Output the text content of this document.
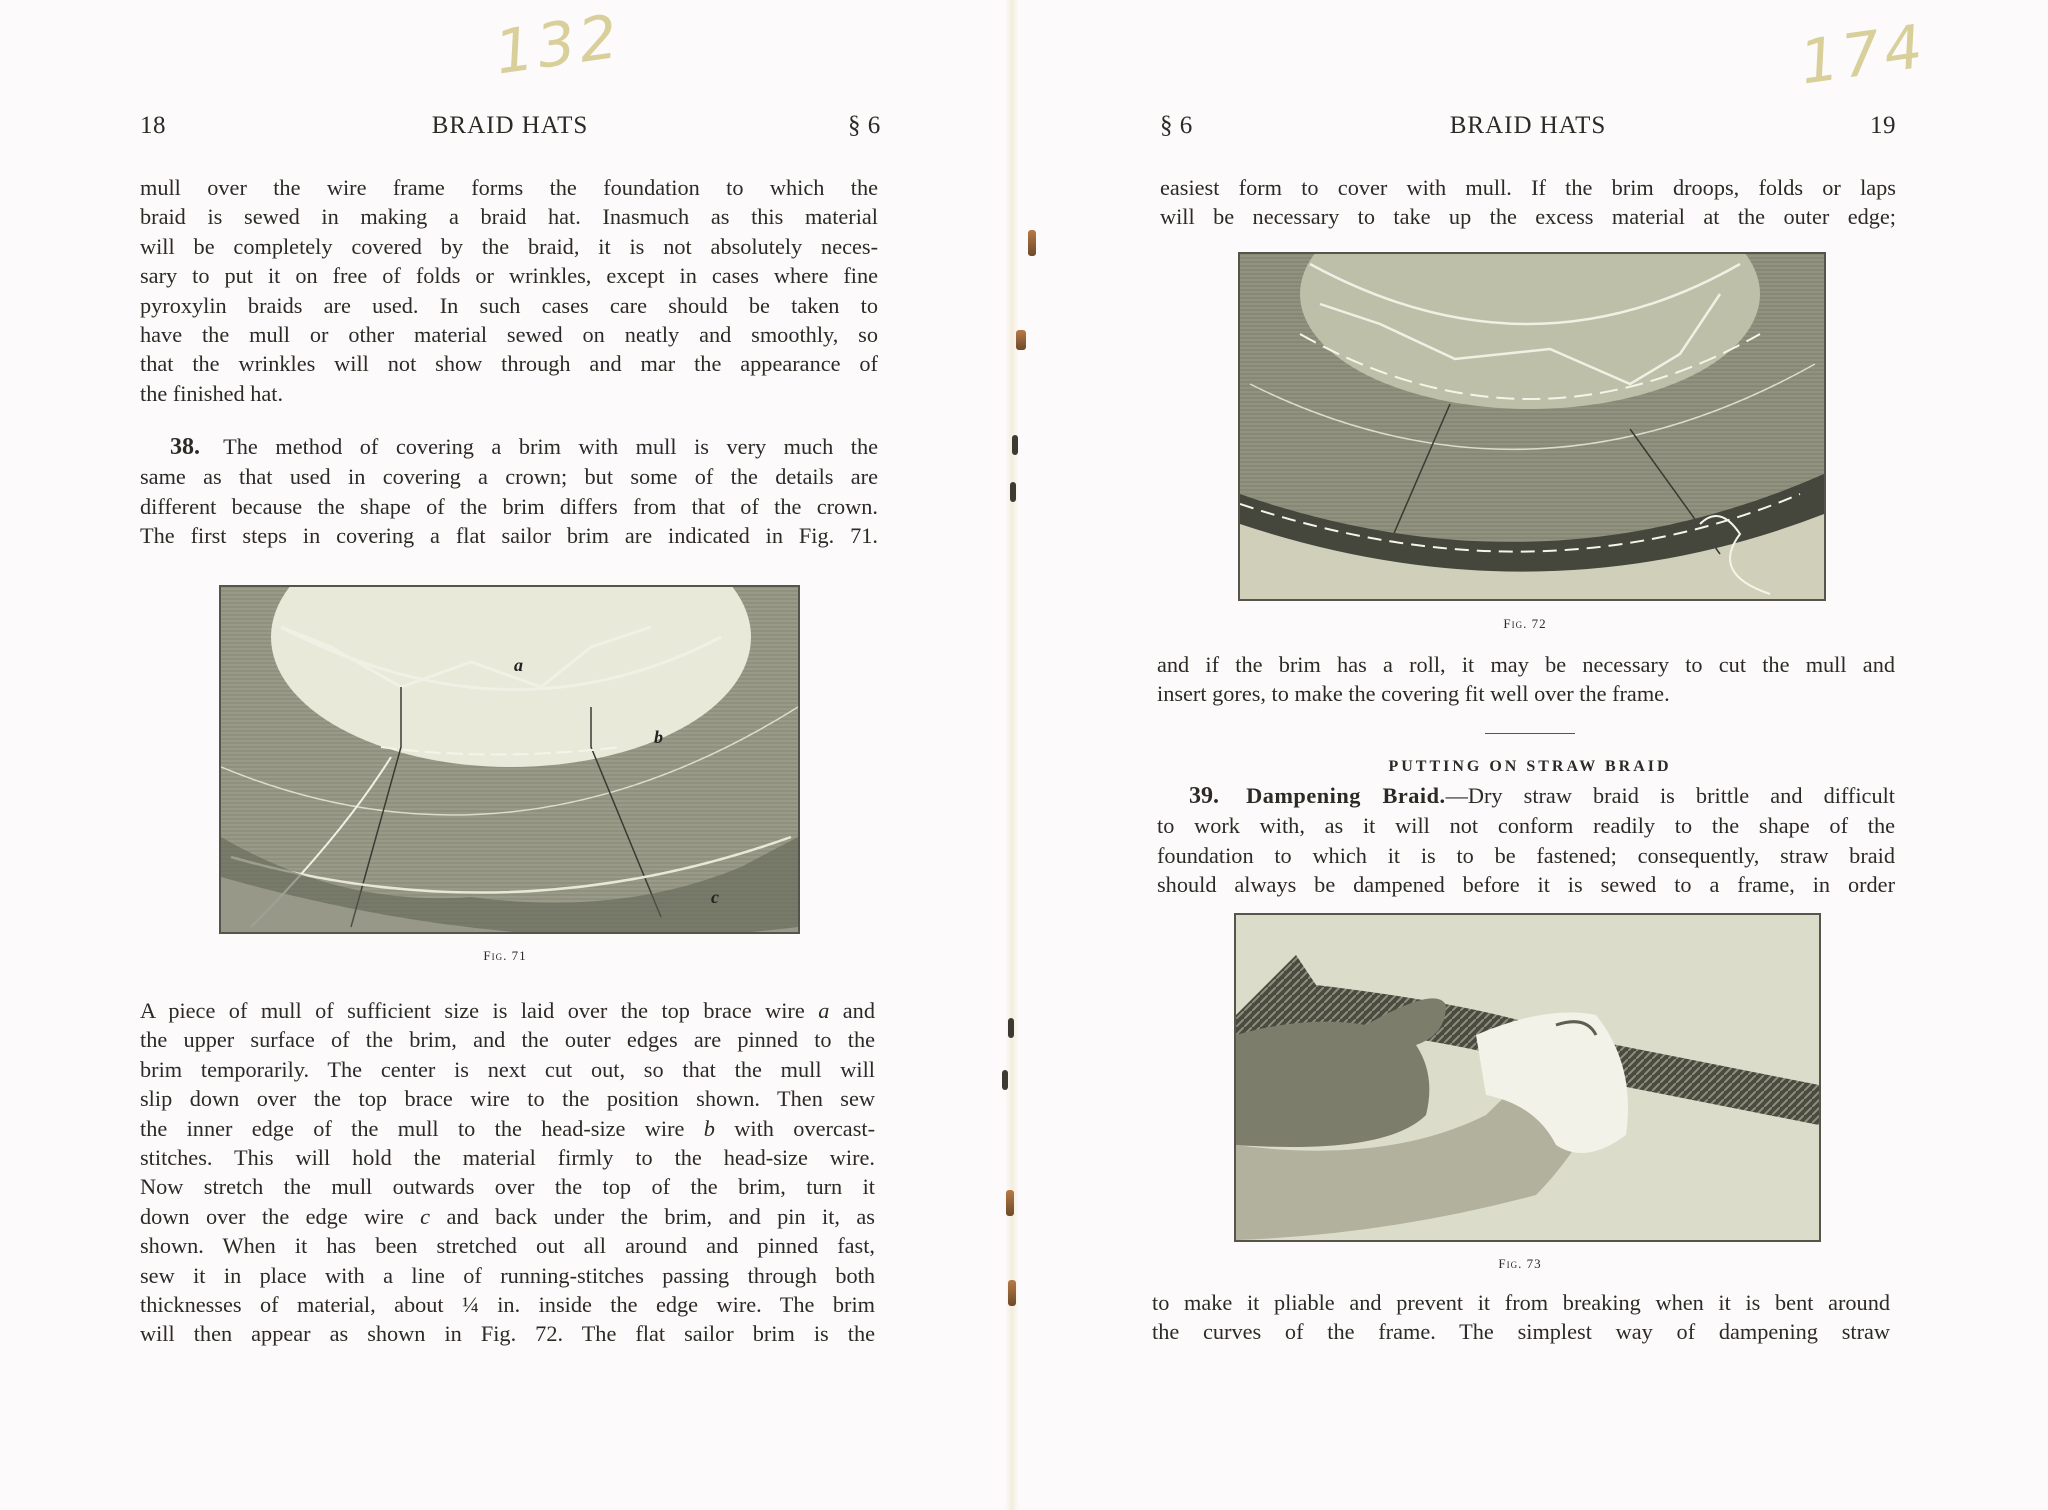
132	174
18	BRAID HATS	§ 6
mull over the wire frame forms the foundation to which the
braid is sewed in making a braid hat. Inasmuch as this material
will be completely covered by the braid, it is not absolutely neces-
sary to put it on free of folds or wrinkles, except in cases where fine
pyroxylin braids are used. In such cases care should be taken to
have the mull or other material sewed on neatly and smoothly, so
that the wrinkles will not show through and mar the appearance of
the finished hat.
38. The method of covering a brim with mull is very much the
same as that used in covering a crown; but some of the details are
different because the shape of the brim differs from that of the crown.
The first steps in covering a flat sailor brim are indicated in Fig. 71.
a
b
c
Fig. 71
A piece of mull of sufficient size is laid over the top brace wire a and
the upper surface of the brim, and the outer edges are pinned to the
brim temporarily. The center is next cut out, so that the mull will
slip down over the top brace wire to the position shown. Then sew
the inner edge of the mull to the head-size wire b with overcast-
stitches. This will hold the material firmly to the head-size wire.
Now stretch the mull outwards over the top of the brim, turn it
down over the edge wire c and back under the brim, and pin it, as
shown. When it has been stretched out all around and pinned fast,
sew it in place with a line of running-stitches passing through both
thicknesses of material, about ¼ in. inside the edge wire. The brim
will then appear as shown in Fig. 72. The flat sailor brim is the
§ 6	BRAID HATS	19
easiest form to cover with mull. If the brim droops, folds or laps
will be necessary to take up the excess material at the outer edge;
Fig. 72
and if the brim has a roll, it may be necessary to cut the mull and
insert gores, to make the covering fit well over the frame.
PUTTING ON STRAW BRAID
39. Dampening Braid.—Dry straw braid is brittle and difficult
to work with, as it will not conform readily to the shape of the
foundation to which it is to be fastened; consequently, straw braid
should always be dampened before it is sewed to a frame, in order
Fig. 73
to make it pliable and prevent it from breaking when it is bent around
the curves of the frame. The simplest way of dampening straw
